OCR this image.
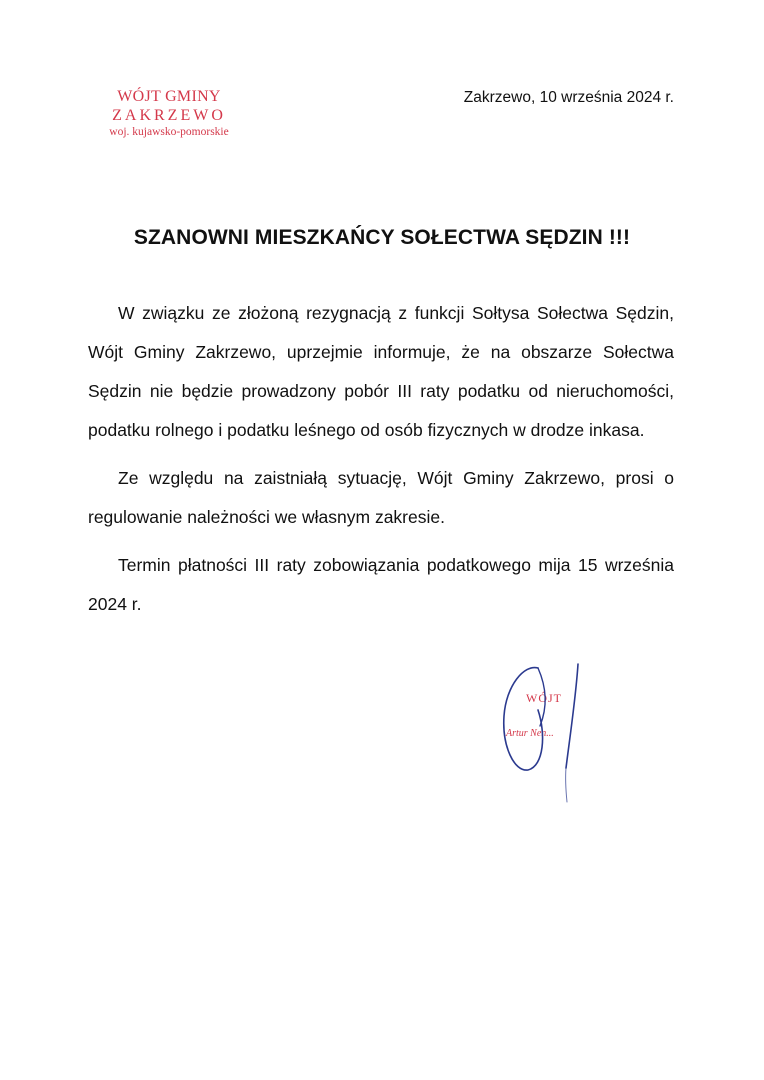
WÓJT GMINY
ZAKRZEWO
woj. kujawsko-pomorskie
Zakrzewo, 10 września 2024 r.
SZANOWNI MIESZKAŃCY SOŁECTWA SĘDZIN !!!

W związku ze złożoną rezygnacją z funkcji Sołtysa Sołectwa Sędzin, Wójt Gminy Zakrzewo, uprzejmie informuje, że na obszarze Sołectwa Sędzin nie będzie prowadzony pobór III raty podatku od nieruchomości, podatku rolnego i podatku leśnego od osób fizycznych w drodze inkasa.

Ze względu na zaistniałą sytuację, Wójt Gminy Zakrzewo, prosi o regulowanie należności we własnym zakresie.

Termin płatności III raty zobowiązania podatkowego mija 15 września 2024 r.

WÓJT
Artur Nen...
